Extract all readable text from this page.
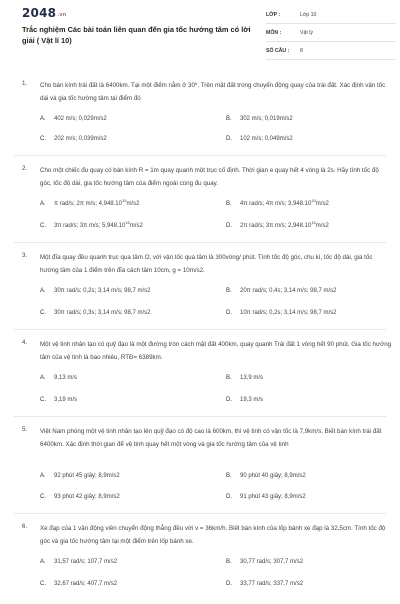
2048.vn
Trắc nghiệm Các bài toán liên quan đến gia tốc hướng tâm có lời giải ( Vật lí 10)
LỚP :	Lớp 10
MÔN :	Vật lý
SỐ CÂU :	8
1. Cho bán kính trái đất là 6400km. Tại một điểm nằm ở 30⁰. Trên mặt đất trong chuyển động quay của trái đất. Xác định vận tốc dài và gia tốc hướng tâm tại điểm đó
A. 402 m/s; 0,029m/s2	B. 302 m/s; 0,019m/s2
C. 202 m/s; 0,039m/s2	D. 102 m/s; 0,049m/s2
2. Cho một chiếc đu quay có bán kính R = 1m quay quanh một trục cố định. Thời gian e quay hết 4 vòng là 2s. Hãy tính tốc độ góc, tốc độ dài, gia tốc hướng tâm của điểm ngoài cùng đu quay.
A. π rad/s; 2π m/s; 4,948.10$^{15}$m/s2	B. 4π rad/s; 4π m/s; 3,948.10$^{15}$m/s2
C. 3π rad/s; 3π m/s; 5,948.10$^{15}$m/s2	D. 2π rad/s; 3π m/s; 2,948.10$^{15}$m/s2
3. Một đĩa quay đều quanh trục qua tâm O, với vận tốc qua tâm là 300vòng/ phút. Tính tốc độ góc, chu kì, tốc độ dài, gia tốc hướng tâm của 1 điểm trên đĩa cách tâm 10cm, g = 10m/s2.
A. 30π rad/s; 0,2s; 3,14 m/s; 98,7 m/s2	B. 20π rad/s; 0,4s; 3,14 m/s; 98,7 m/s2
C. 30π rad/s; 0,3s; 3,14 m/s; 98,7 m/s2	D. 10π rad/s; 0,2s; 3,14 m/s; 98,7 m/s2
4. Một vệ tinh nhân tạo có quỹ đạo là một đường tròn cách mặt đất 400km, quay quanh Trái đất 1 vòng hết 90 phút. Gia tốc hướng tâm của vệ tinh là bao nhiêu, RTĐ= 6389km.
A. 9,13 m/s	B. 13,9 m/s
C. 3,19 m/s	D. 19,3 m/s
5. Việt Nam phóng một vệ tinh nhân tạo lên quỹ đạo có độ cao là 600km, thì vệ tinh có vận tốc là 7,9km/s. Biết bán kính trái đất 6400km. Xác định thời gian để vệ tinh quay hết một vòng và gia tốc hướng tâm của vệ tinh
A. 92 phút 45 giây; 8,9m/s2	B. 90 phút 40 giây; 8,9m/s2
C. 93 phút 42 giây; 8,9m/s2	D. 91 phút 43 giây; 8,9m/s2
6. Xe đạp của 1 vận động viên chuyển động thẳng đều với v = 36km/h. Biết bán kính của lốp bánh xe đạp là 32,5cm. Tính tốc độ góc và gia tốc hướng tâm tại một điểm trên lốp bánh xe.
A. 31,57 rad/s; 107,7 m/s2	B. 30,77 rad/s; 307,7 m/s2
C. 32,67 rad/s; 407,7 m/s2	D. 33,77 rad/s; 337,7 m/s2
